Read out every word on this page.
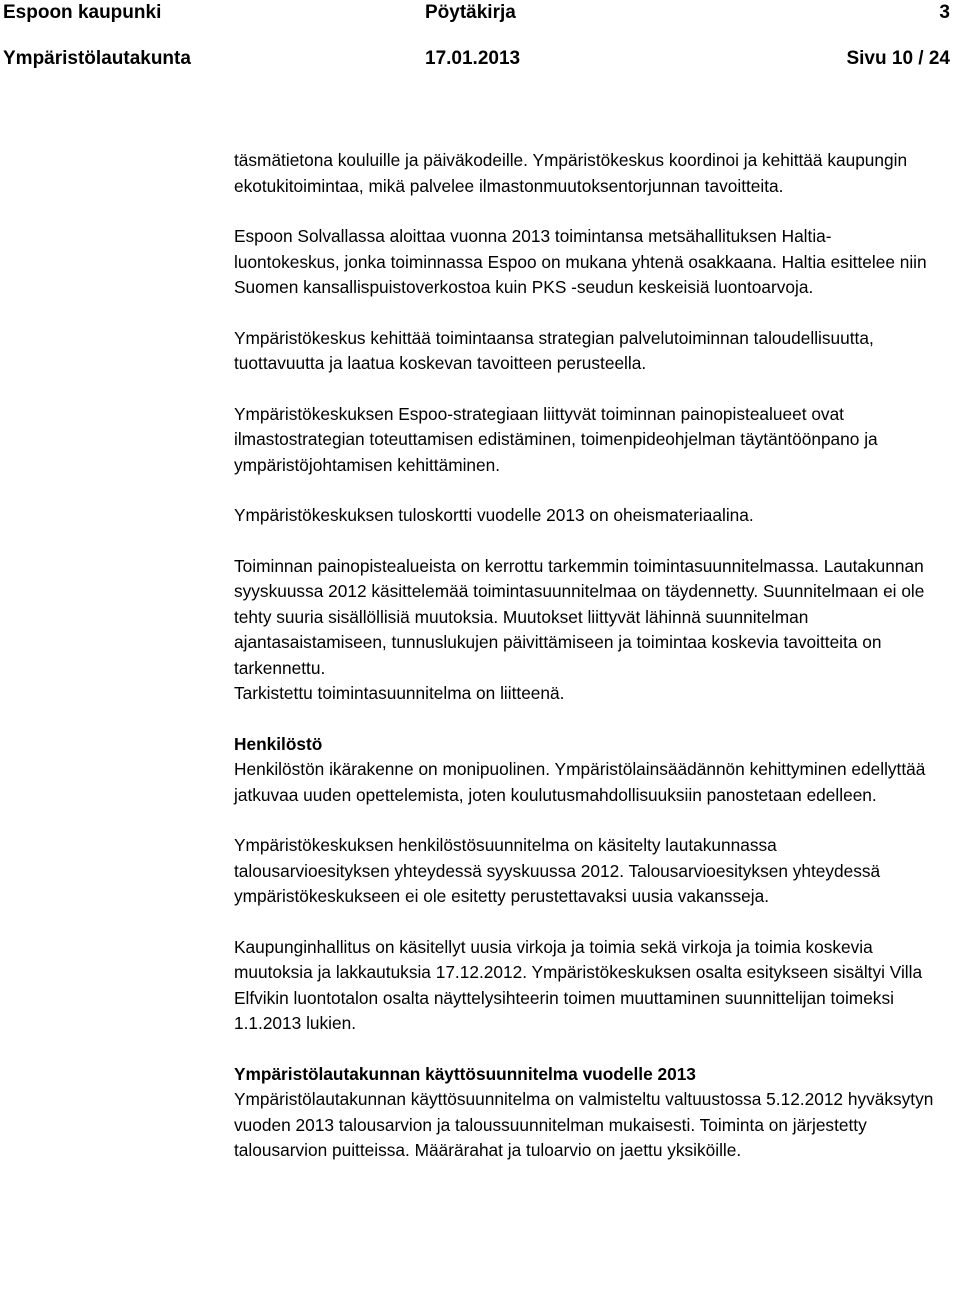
Espoon kaupunki	Pöytäkirja	3
Ympäristölautakunta	17.01.2013	Sivu 10 / 24

täsmätietona kouluille ja päiväkodeille. Ympäristökeskus koordinoi ja kehittää kaupungin ekotukitoimintaa, mikä palvelee ilmastonmuutoksentorjunnan tavoitteita.

Espoon Solvallassa aloittaa vuonna 2013 toimintansa metsähallituksen Haltia-luontokeskus, jonka toiminnassa Espoo on mukana yhtenä osakkaana. Haltia esittelee niin Suomen kansallispuistoverkostoa kuin PKS -seudun keskeisiä luontoarvoja.

Ympäristökeskus kehittää toimintaansa strategian palvelutoiminnan taloudellisuutta, tuottavuutta ja laatua koskevan tavoitteen perusteella.

Ympäristökeskuksen Espoo-strategiaan liittyvät toiminnan painopistealueet ovat ilmastostrategian toteuttamisen edistäminen, toimenpideohjelman täytäntöönpano ja ympäristöjohtamisen kehittäminen.

Ympäristökeskuksen tuloskortti vuodelle 2013 on oheismateriaalina.

Toiminnan painopistealueista on kerrottu tarkemmin toimintasuunnitelmassa. Lautakunnan syyskuussa 2012 käsittelemää toimintasuunnitelmaa on täydennetty. Suunnitelmaan ei ole tehty suuria sisällöllisiä muutoksia. Muutokset liittyvät lähinnä suunnitelman ajantasaistamiseen, tunnuslukujen päivittämiseen ja toimintaa koskevia tavoitteita on tarkennettu.
Tarkistettu toimintasuunnitelma on liitteenä.

Henkilöstö
Henkilöstön ikärakenne on monipuolinen. Ympäristölainsäädännön kehittyminen edellyttää jatkuvaa uuden opettelemista, joten koulutusmahdollisuuksiin panostetaan edelleen.

Ympäristökeskuksen henkilöstösuunnitelma on käsitelty lautakunnassa talousarvioesityksen yhteydessä syyskuussa 2012. Talousarvioesityksen yhteydessä ympäristökeskukseen ei ole esitetty perustettavaksi uusia vakansseja.

Kaupunginhallitus on käsitellyt uusia virkoja ja toimia sekä virkoja ja toimia koskevia muutoksia ja lakkautuksia 17.12.2012. Ympäristökeskuksen osalta esitykseen sisältyi Villa Elfvikin luontotalon osalta näyttelysihteerin toimen muuttaminen suunnittelijan toimeksi 1.1.2013 lukien.

Ympäristölautakunnan käyttösuunnitelma vuodelle 2013
Ympäristölautakunnan käyttösuunnitelma on valmisteltu valtuustossa 5.12.2012 hyväksytyn vuoden 2013 talousarvion ja taloussuunnitelman mukaisesti. Toiminta on järjestetty talousarvion puitteissa. Määrärahat ja tuloarvio on jaettu yksiköille.
